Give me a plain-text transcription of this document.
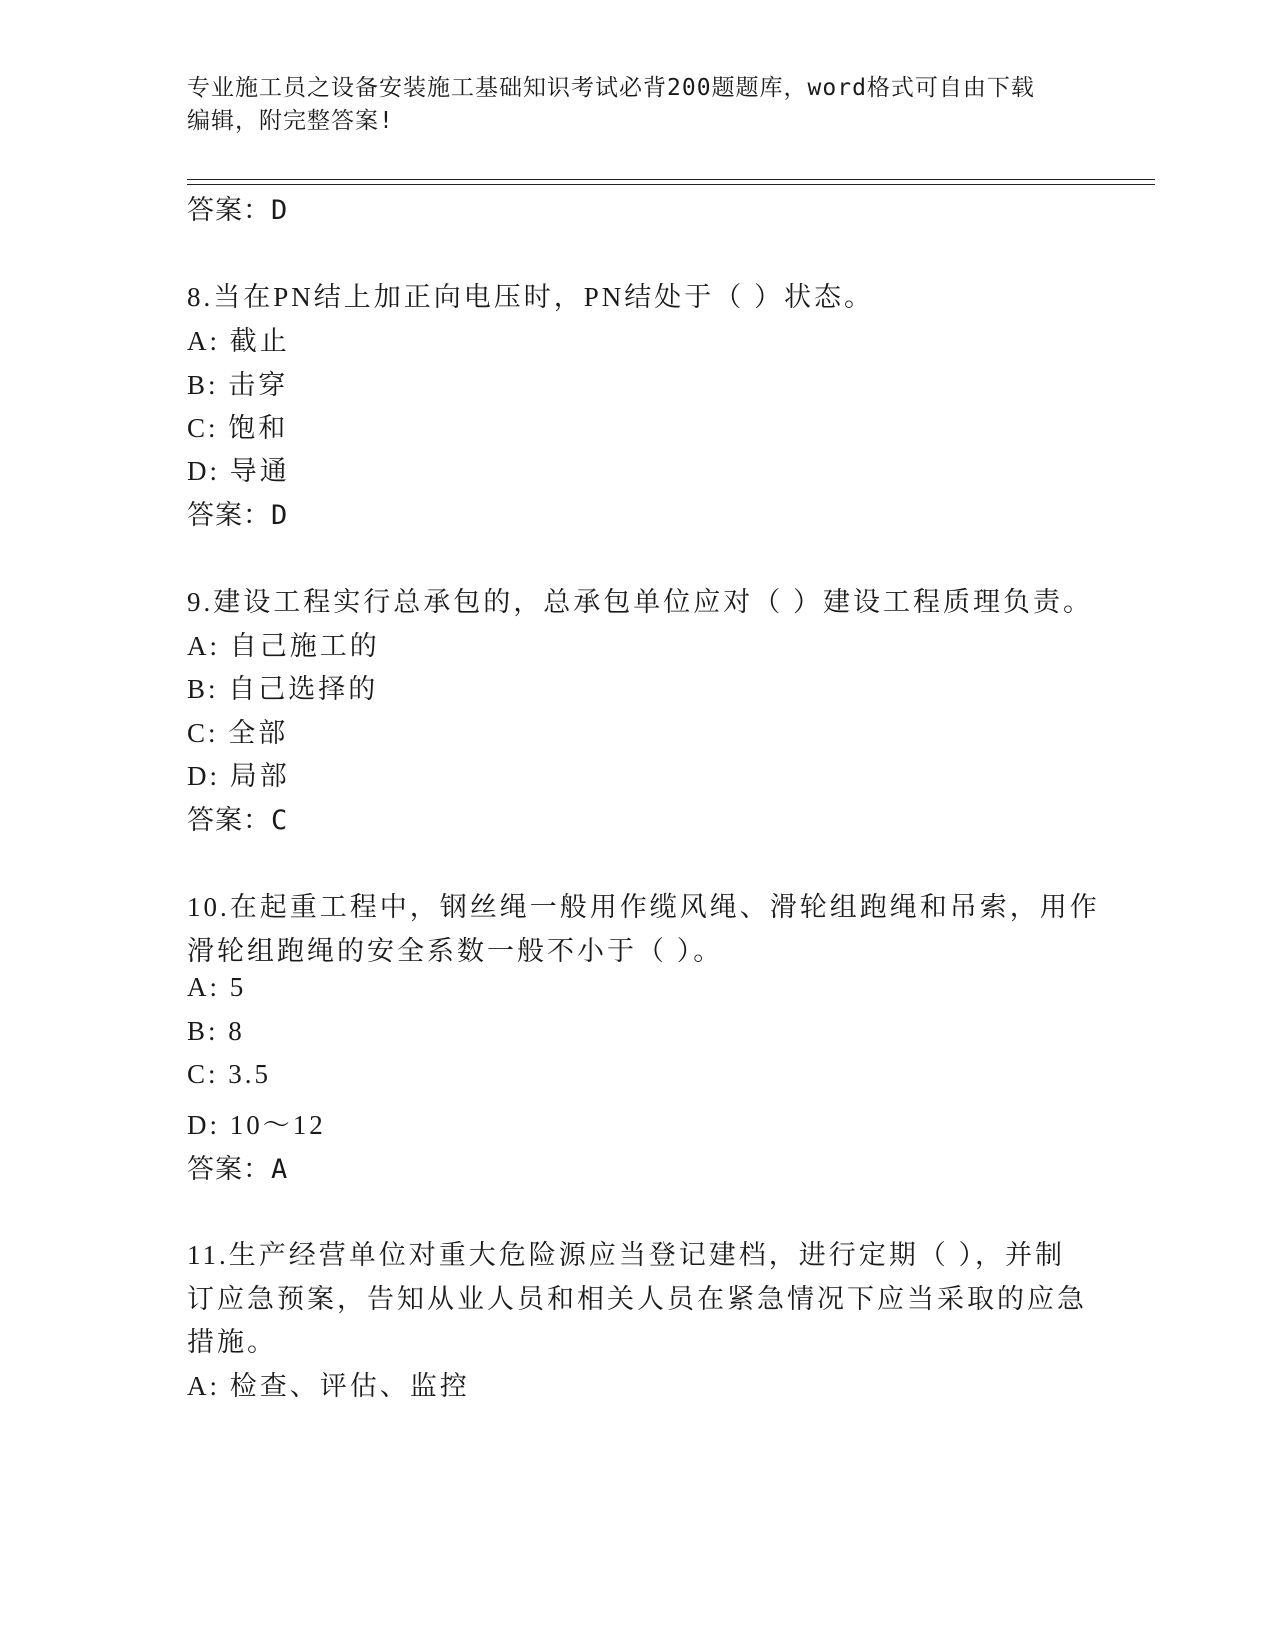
专业施工员之设备安装施工基础知识考试必背200题题库，word格式可自由下载
编辑，附完整答案!
答案：D
8.当在PN结上加正向电压时，PN结处于（ ）状态。
A: 截止
B: 击穿
C: 饱和
D: 导通
答案：D
9.建设工程实行总承包的，总承包单位应对（ ）建设工程质理负责。
A: 自己施工的
B: 自己选择的
C: 全部
D: 局部
答案：C
10.在起重工程中，钢丝绳一般用作缆风绳、滑轮组跑绳和吊索，用作
滑轮组跑绳的安全系数一般不小于（ ）。
A: 5
B: 8
C: 3.5
D: 10～12
答案：A
11.生产经营单位对重大危险源应当登记建档，进行定期（ ），并制
订应急预案，告知从业人员和相关人员在紧急情况下应当采取的应急
措施。
A: 检查、评估、监控
